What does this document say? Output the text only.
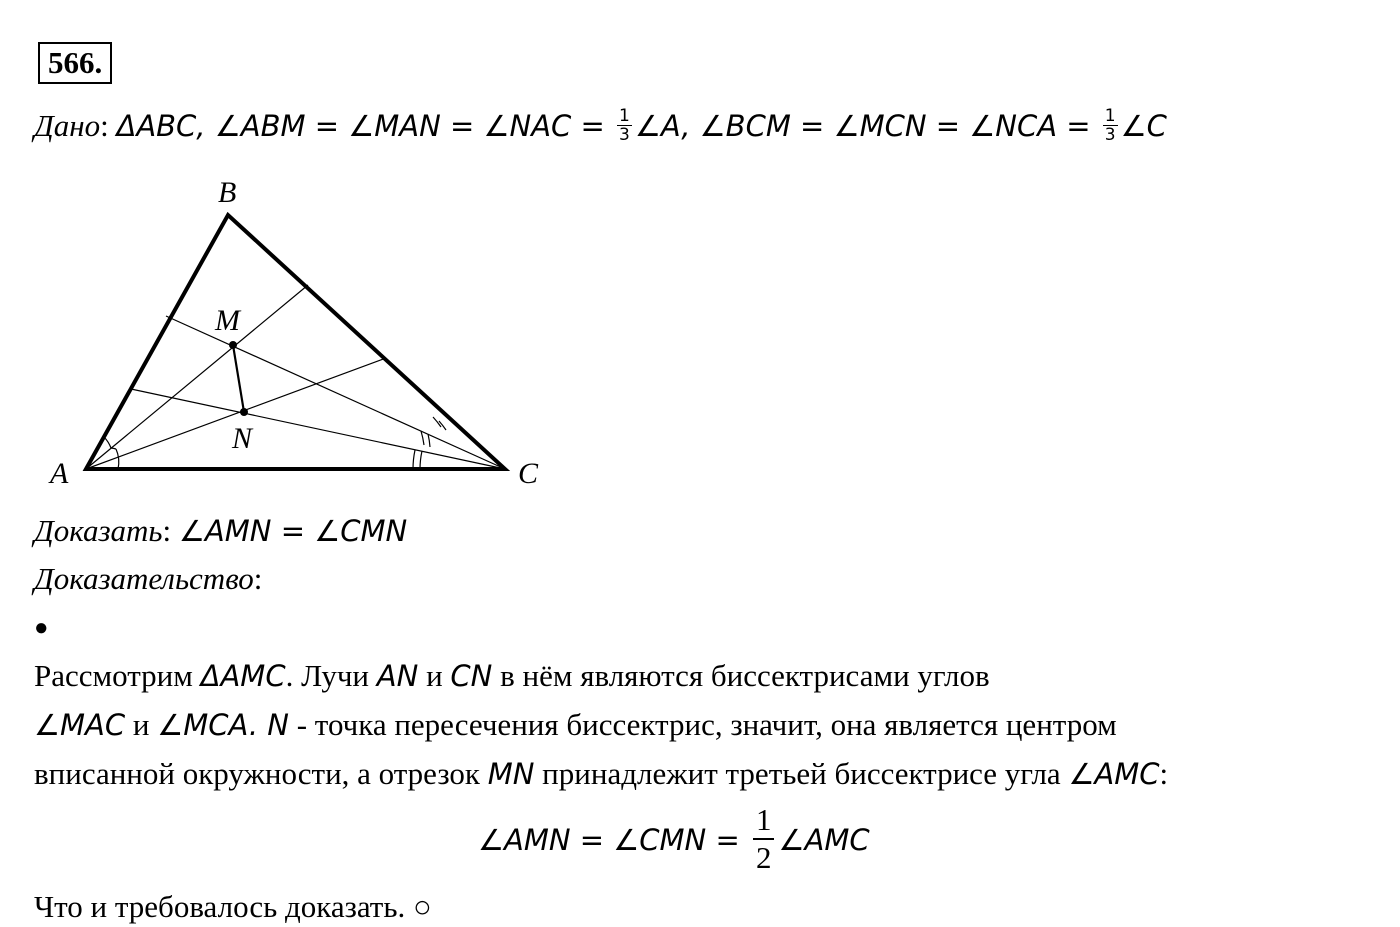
566.
Дано: ΔABC, ∠ABM = ∠MAN = ∠NAC = $\frac{1}{3}$ ∠A, ∠BCM = ∠MCN = ∠NCA = $\frac{1}{3}$ ∠C
B
A	C
M
N
Доказать: ∠AMN = ∠CMN
Доказательство:
●
Рассмотрим ΔAMC. Лучи AN и CN в нём являются биссектрисами углов
∠MAC и ∠MCA. N - точка пересечения биссектрис, значит, она является центром
вписанной окружности, а отрезок MN принадлежит третьей биссектрисе угла ∠AMC:
∠AMN = ∠CMN = $\frac{1}{2}$ ∠AMC
Что и требовалось доказать. ○
